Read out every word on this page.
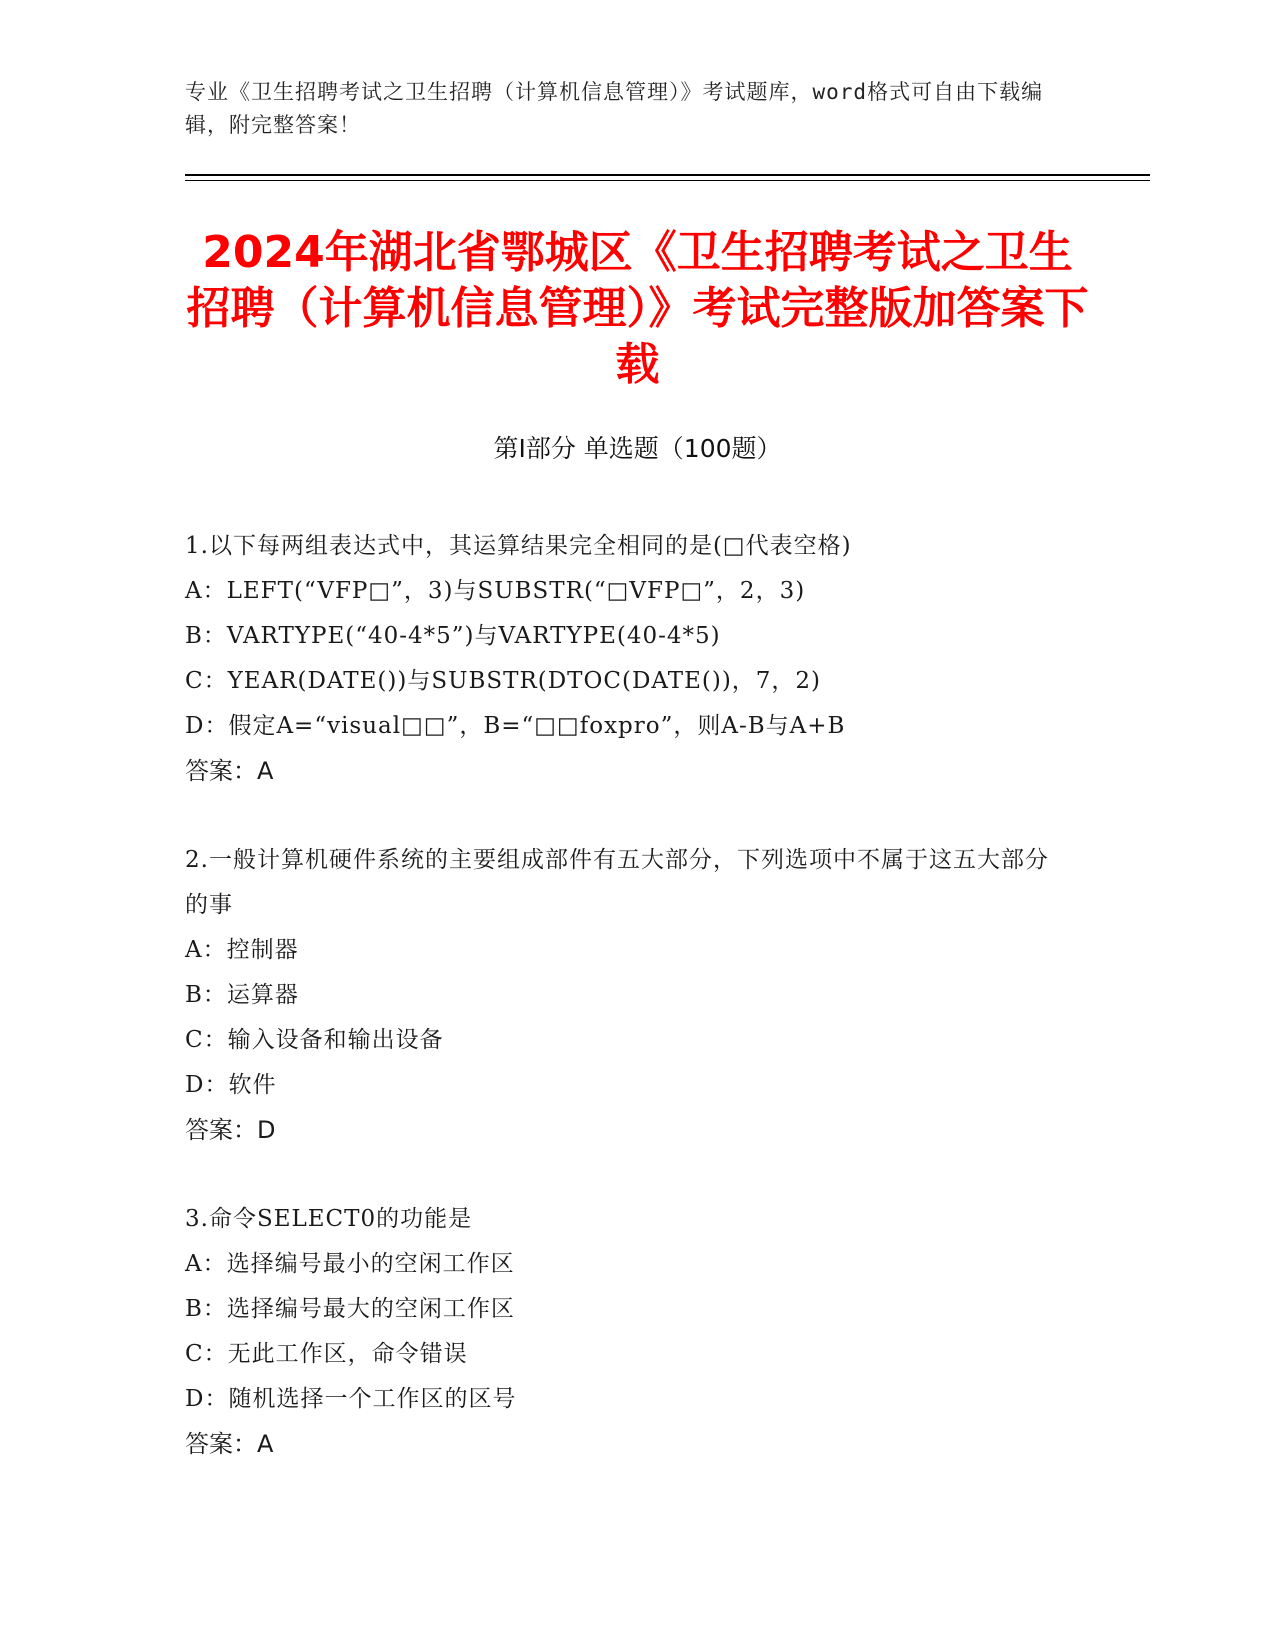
专业《卫生招聘考试之卫生招聘（计算机信息管理）》考试题库，word格式可自由下载编辑，附完整答案！
2024年湖北省鄂城区《卫生招聘考试之卫生招聘（计算机信息管理）》考试完整版加答案下载
第I部分 单选题（100题）

1.以下每两组表达式中，其运算结果完全相同的是(□代表空格)

A：LEFT(“VFP□”，3)与SUBSTR(“□VFP□”，2，3)

B：VARTYPE(“40-4*5”)与VARTYPE(40-4*5)

C：YEAR(DATE())与SUBSTR(DTOC(DATE())，7，2)

D：假定A=“visual□□”，B=“□□foxpro”，则A-B与A+B

答案：A

2.一般计算机硬件系统的主要组成部件有五大部分，下列选项中不属于这五大部分的事

A：控制器

B：运算器

C：输入设备和输出设备

D：软件

答案：D

3.命令SELECT0的功能是

A：选择编号最小的空闲工作区

B：选择编号最大的空闲工作区

C：无此工作区，命令错误

D：随机选择一个工作区的区号

答案：A
